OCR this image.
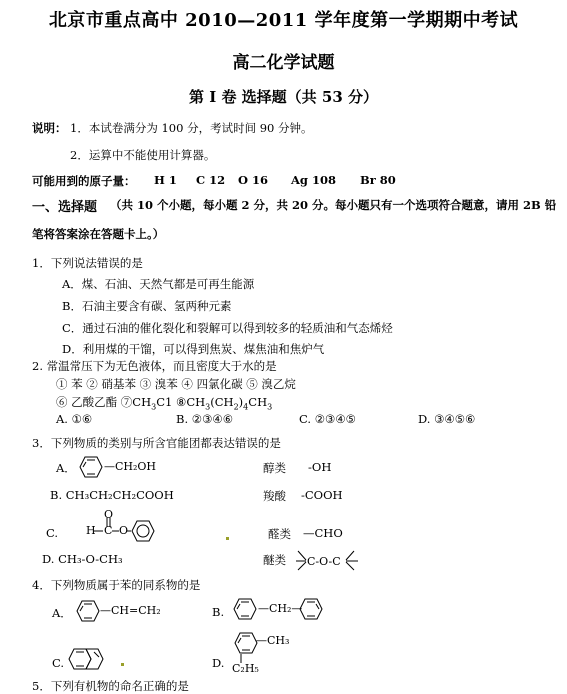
北京市重点高中 2010—2011 学年度第一学期期中考试
高二化学试题
第 I 卷 选择题（共 53 分）
说明： 1．本试卷满分为 100 分，考试时间 90 分钟。
2．运算中不能使用计算器。
可能用到的原子量： H 1 C 12 O 16 Ag 108 Br 80
一、选择题 （共 10 个小题，每小题 2 分，共 20 分。每小题只有一个选项符合题意，请用 2B 铅
笔将答案涂在答题卡上。）
1．下列说法错误的是
A．煤、石油、天然气都是可再生能源
B．石油主要含有碳、氢两种元素
C．通过石油的催化裂化和裂解可以得到较多的轻质油和气态烯烃
D．利用煤的干馏，可以得到焦炭、煤焦油和焦炉气
2. 常温常压下为无色液体，而且密度大于水的是
① 苯 ② 硝基苯 ③ 溴苯 ④ 四氯化碳 ⑤ 溴乙烷
⑥ 乙酸乙酯 $⑦CH_3C1$ $⑧CH_3(CH_2)_4CH_3$
A. ①⑥	B. ②③④⑥	C. ②③④⑤	D. ③④⑤⑥
3．下列物质的类别与所含官能团都表达错误的是
A．	—CH₂OH	醇类 -OH
B. CH₃CH₂CH₂COOH	羧酸 -COOH
C.
O
H C O	醛类 —CHO
D. CH₃-O-CH₃	醚类 C-O-C
4．下列物质属于苯的同系物的是
A．	—CH=CH₂	B.	—CH₂—
C.	D.
—CH₃
C₂H₅
5．下列有机物的命名正确的是
